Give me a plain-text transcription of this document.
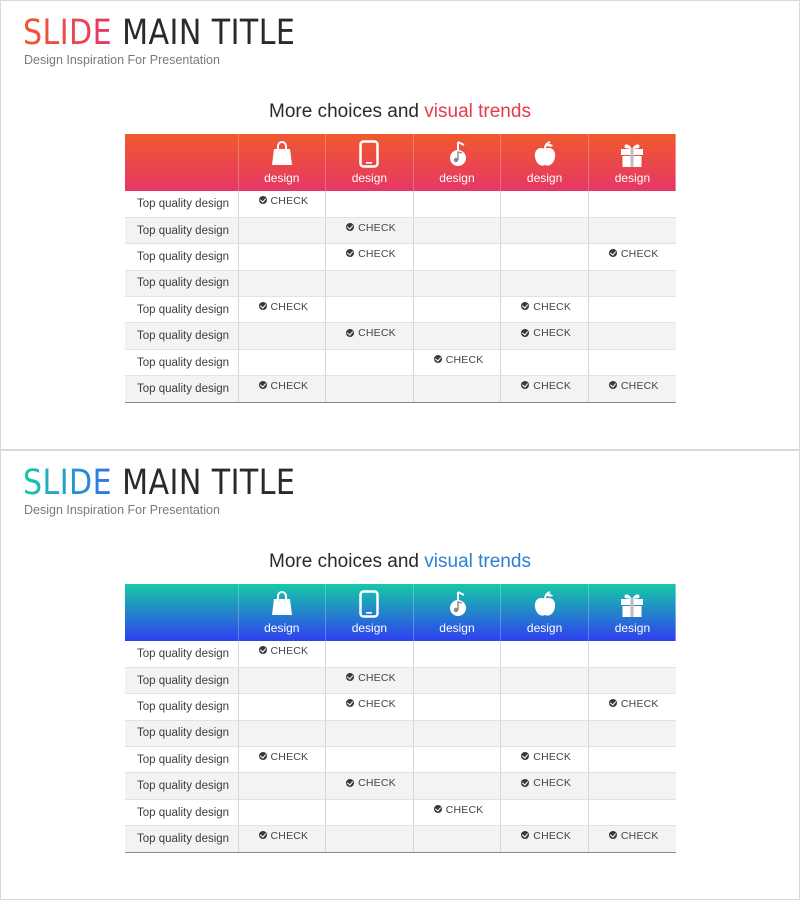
SLIDE MAIN TITLE
Design Inspiration For Presentation
More choices and visual trends

	design	design	design	design	design

Top quality design	CHECK				

Top quality design		CHECK			

Top quality design		CHECK			CHECK

Top quality design					
Top quality design	CHECK			CHECK	

Top quality design		CHECK		CHECK	

Top quality design			CHECK		

Top quality design	CHECK			CHECK	CHECK
SLIDE MAIN TITLE
Design Inspiration For Presentation
More choices and visual trends

	design	design	design	design	design

Top quality design	CHECK				

Top quality design		CHECK			

Top quality design		CHECK			CHECK

Top quality design					
Top quality design	CHECK			CHECK	

Top quality design		CHECK		CHECK	

Top quality design			CHECK		

Top quality design	CHECK			CHECK	CHECK
